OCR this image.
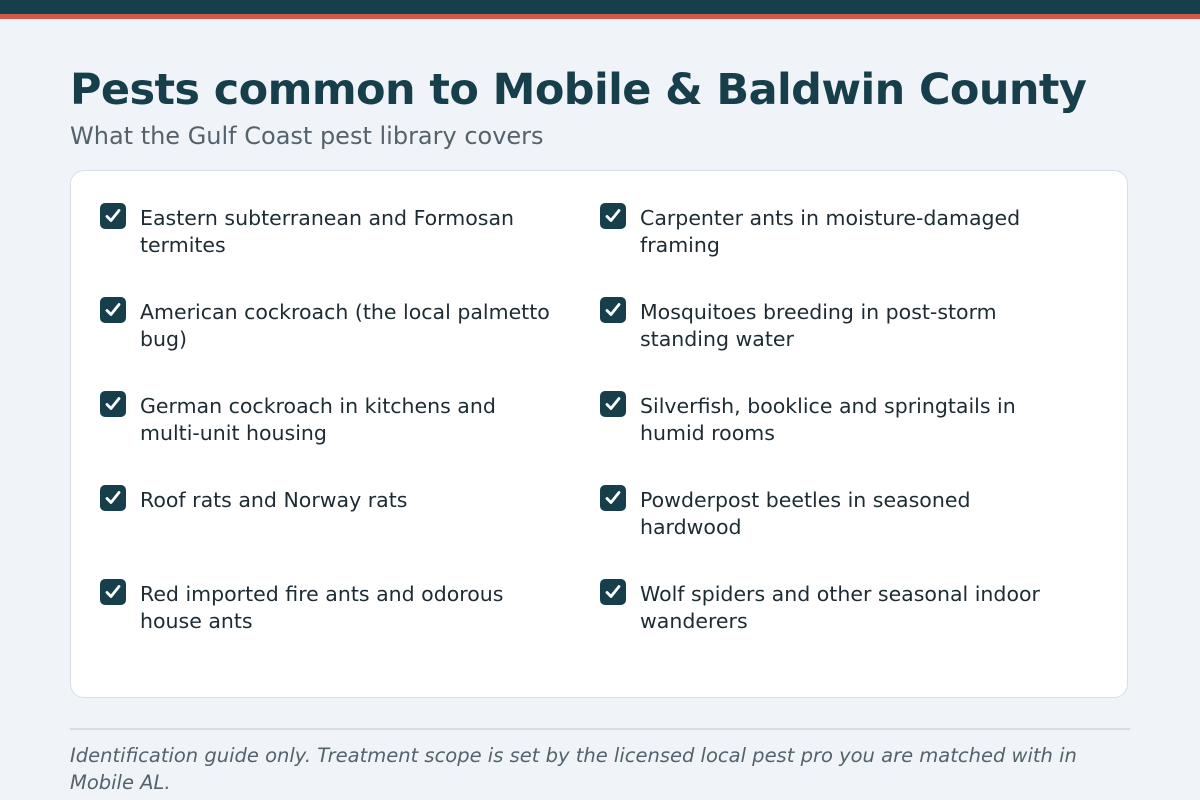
Pests common to Mobile & Baldwin County

What the Gulf Coast pest library covers

Eastern subterranean and Formosan termites
American cockroach (the local palmetto bug)
German cockroach in kitchens and multi-unit housing
Roof rats and Norway rats
Red imported fire ants and odorous house ants
Carpenter ants in moisture-damaged framing
Mosquitoes breeding in post-storm standing water
Silverfish, booklice and springtails in humid rooms
Powderpost beetles in seasoned hardwood
Wolf spiders and other seasonal indoor wanderers

Identification guide only. Treatment scope is set by the licensed local pest pro you are matched with in Mobile AL.
